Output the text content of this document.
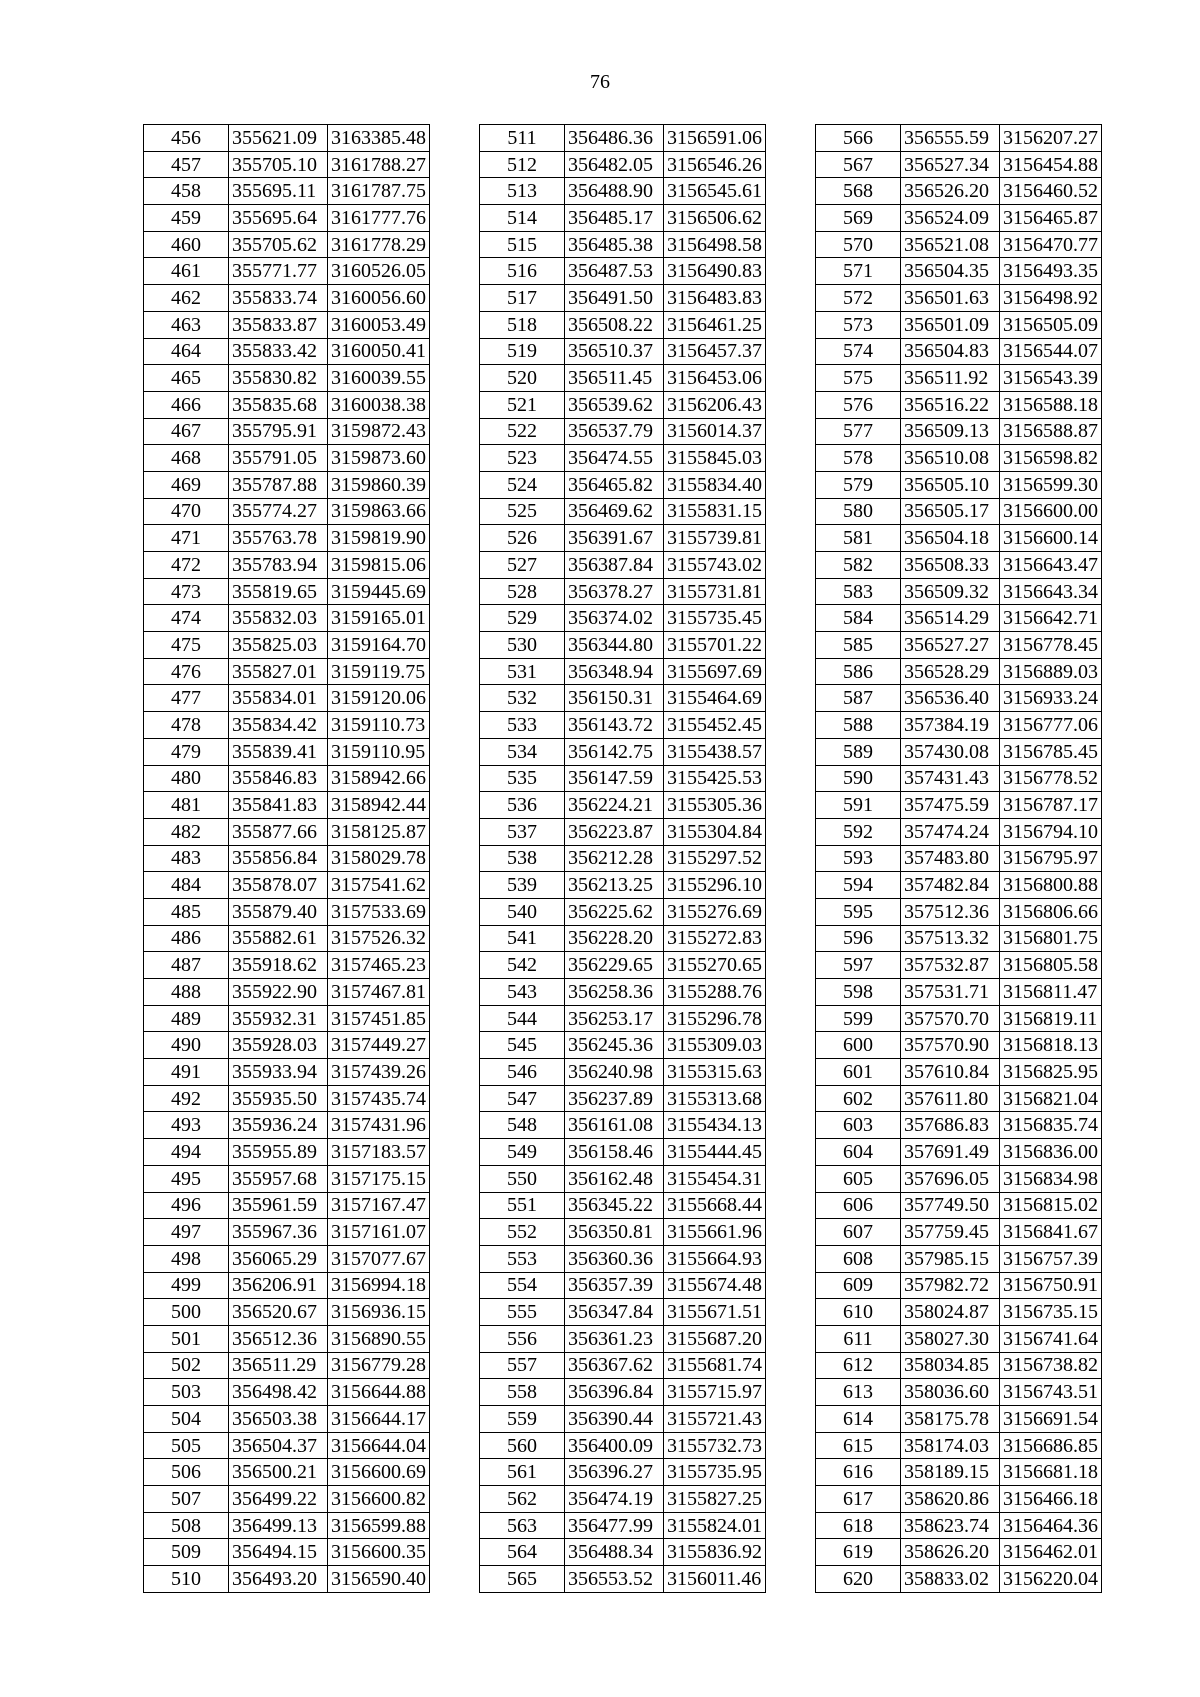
76
456	355621.09	3163385.48
457	355705.10	3161788.27
458	355695.11	3161787.75
459	355695.64	3161777.76
460	355705.62	3161778.29
461	355771.77	3160526.05
462	355833.74	3160056.60
463	355833.87	3160053.49
464	355833.42	3160050.41
465	355830.82	3160039.55
466	355835.68	3160038.38
467	355795.91	3159872.43
468	355791.05	3159873.60
469	355787.88	3159860.39
470	355774.27	3159863.66
471	355763.78	3159819.90
472	355783.94	3159815.06
473	355819.65	3159445.69
474	355832.03	3159165.01
475	355825.03	3159164.70
476	355827.01	3159119.75
477	355834.01	3159120.06
478	355834.42	3159110.73
479	355839.41	3159110.95
480	355846.83	3158942.66
481	355841.83	3158942.44
482	355877.66	3158125.87
483	355856.84	3158029.78
484	355878.07	3157541.62
485	355879.40	3157533.69
486	355882.61	3157526.32
487	355918.62	3157465.23
488	355922.90	3157467.81
489	355932.31	3157451.85
490	355928.03	3157449.27
491	355933.94	3157439.26
492	355935.50	3157435.74
493	355936.24	3157431.96
494	355955.89	3157183.57
495	355957.68	3157175.15
496	355961.59	3157167.47
497	355967.36	3157161.07
498	356065.29	3157077.67
499	356206.91	3156994.18
500	356520.67	3156936.15
501	356512.36	3156890.55
502	356511.29	3156779.28
503	356498.42	3156644.88
504	356503.38	3156644.17
505	356504.37	3156644.04
506	356500.21	3156600.69
507	356499.22	3156600.82
508	356499.13	3156599.88
509	356494.15	3156600.35
510	356493.20	3156590.40
511	356486.36	3156591.06
512	356482.05	3156546.26
513	356488.90	3156545.61
514	356485.17	3156506.62
515	356485.38	3156498.58
516	356487.53	3156490.83
517	356491.50	3156483.83
518	356508.22	3156461.25
519	356510.37	3156457.37
520	356511.45	3156453.06
521	356539.62	3156206.43
522	356537.79	3156014.37
523	356474.55	3155845.03
524	356465.82	3155834.40
525	356469.62	3155831.15
526	356391.67	3155739.81
527	356387.84	3155743.02
528	356378.27	3155731.81
529	356374.02	3155735.45
530	356344.80	3155701.22
531	356348.94	3155697.69
532	356150.31	3155464.69
533	356143.72	3155452.45
534	356142.75	3155438.57
535	356147.59	3155425.53
536	356224.21	3155305.36
537	356223.87	3155304.84
538	356212.28	3155297.52
539	356213.25	3155296.10
540	356225.62	3155276.69
541	356228.20	3155272.83
542	356229.65	3155270.65
543	356258.36	3155288.76
544	356253.17	3155296.78
545	356245.36	3155309.03
546	356240.98	3155315.63
547	356237.89	3155313.68
548	356161.08	3155434.13
549	356158.46	3155444.45
550	356162.48	3155454.31
551	356345.22	3155668.44
552	356350.81	3155661.96
553	356360.36	3155664.93
554	356357.39	3155674.48
555	356347.84	3155671.51
556	356361.23	3155687.20
557	356367.62	3155681.74
558	356396.84	3155715.97
559	356390.44	3155721.43
560	356400.09	3155732.73
561	356396.27	3155735.95
562	356474.19	3155827.25
563	356477.99	3155824.01
564	356488.34	3155836.92
565	356553.52	3156011.46
566	356555.59	3156207.27
567	356527.34	3156454.88
568	356526.20	3156460.52
569	356524.09	3156465.87
570	356521.08	3156470.77
571	356504.35	3156493.35
572	356501.63	3156498.92
573	356501.09	3156505.09
574	356504.83	3156544.07
575	356511.92	3156543.39
576	356516.22	3156588.18
577	356509.13	3156588.87
578	356510.08	3156598.82
579	356505.10	3156599.30
580	356505.17	3156600.00
581	356504.18	3156600.14
582	356508.33	3156643.47
583	356509.32	3156643.34
584	356514.29	3156642.71
585	356527.27	3156778.45
586	356528.29	3156889.03
587	356536.40	3156933.24
588	357384.19	3156777.06
589	357430.08	3156785.45
590	357431.43	3156778.52
591	357475.59	3156787.17
592	357474.24	3156794.10
593	357483.80	3156795.97
594	357482.84	3156800.88
595	357512.36	3156806.66
596	357513.32	3156801.75
597	357532.87	3156805.58
598	357531.71	3156811.47
599	357570.70	3156819.11
600	357570.90	3156818.13
601	357610.84	3156825.95
602	357611.80	3156821.04
603	357686.83	3156835.74
604	357691.49	3156836.00
605	357696.05	3156834.98
606	357749.50	3156815.02
607	357759.45	3156841.67
608	357985.15	3156757.39
609	357982.72	3156750.91
610	358024.87	3156735.15
611	358027.30	3156741.64
612	358034.85	3156738.82
613	358036.60	3156743.51
614	358175.78	3156691.54
615	358174.03	3156686.85
616	358189.15	3156681.18
617	358620.86	3156466.18
618	358623.74	3156464.36
619	358626.20	3156462.01
620	358833.02	3156220.04
